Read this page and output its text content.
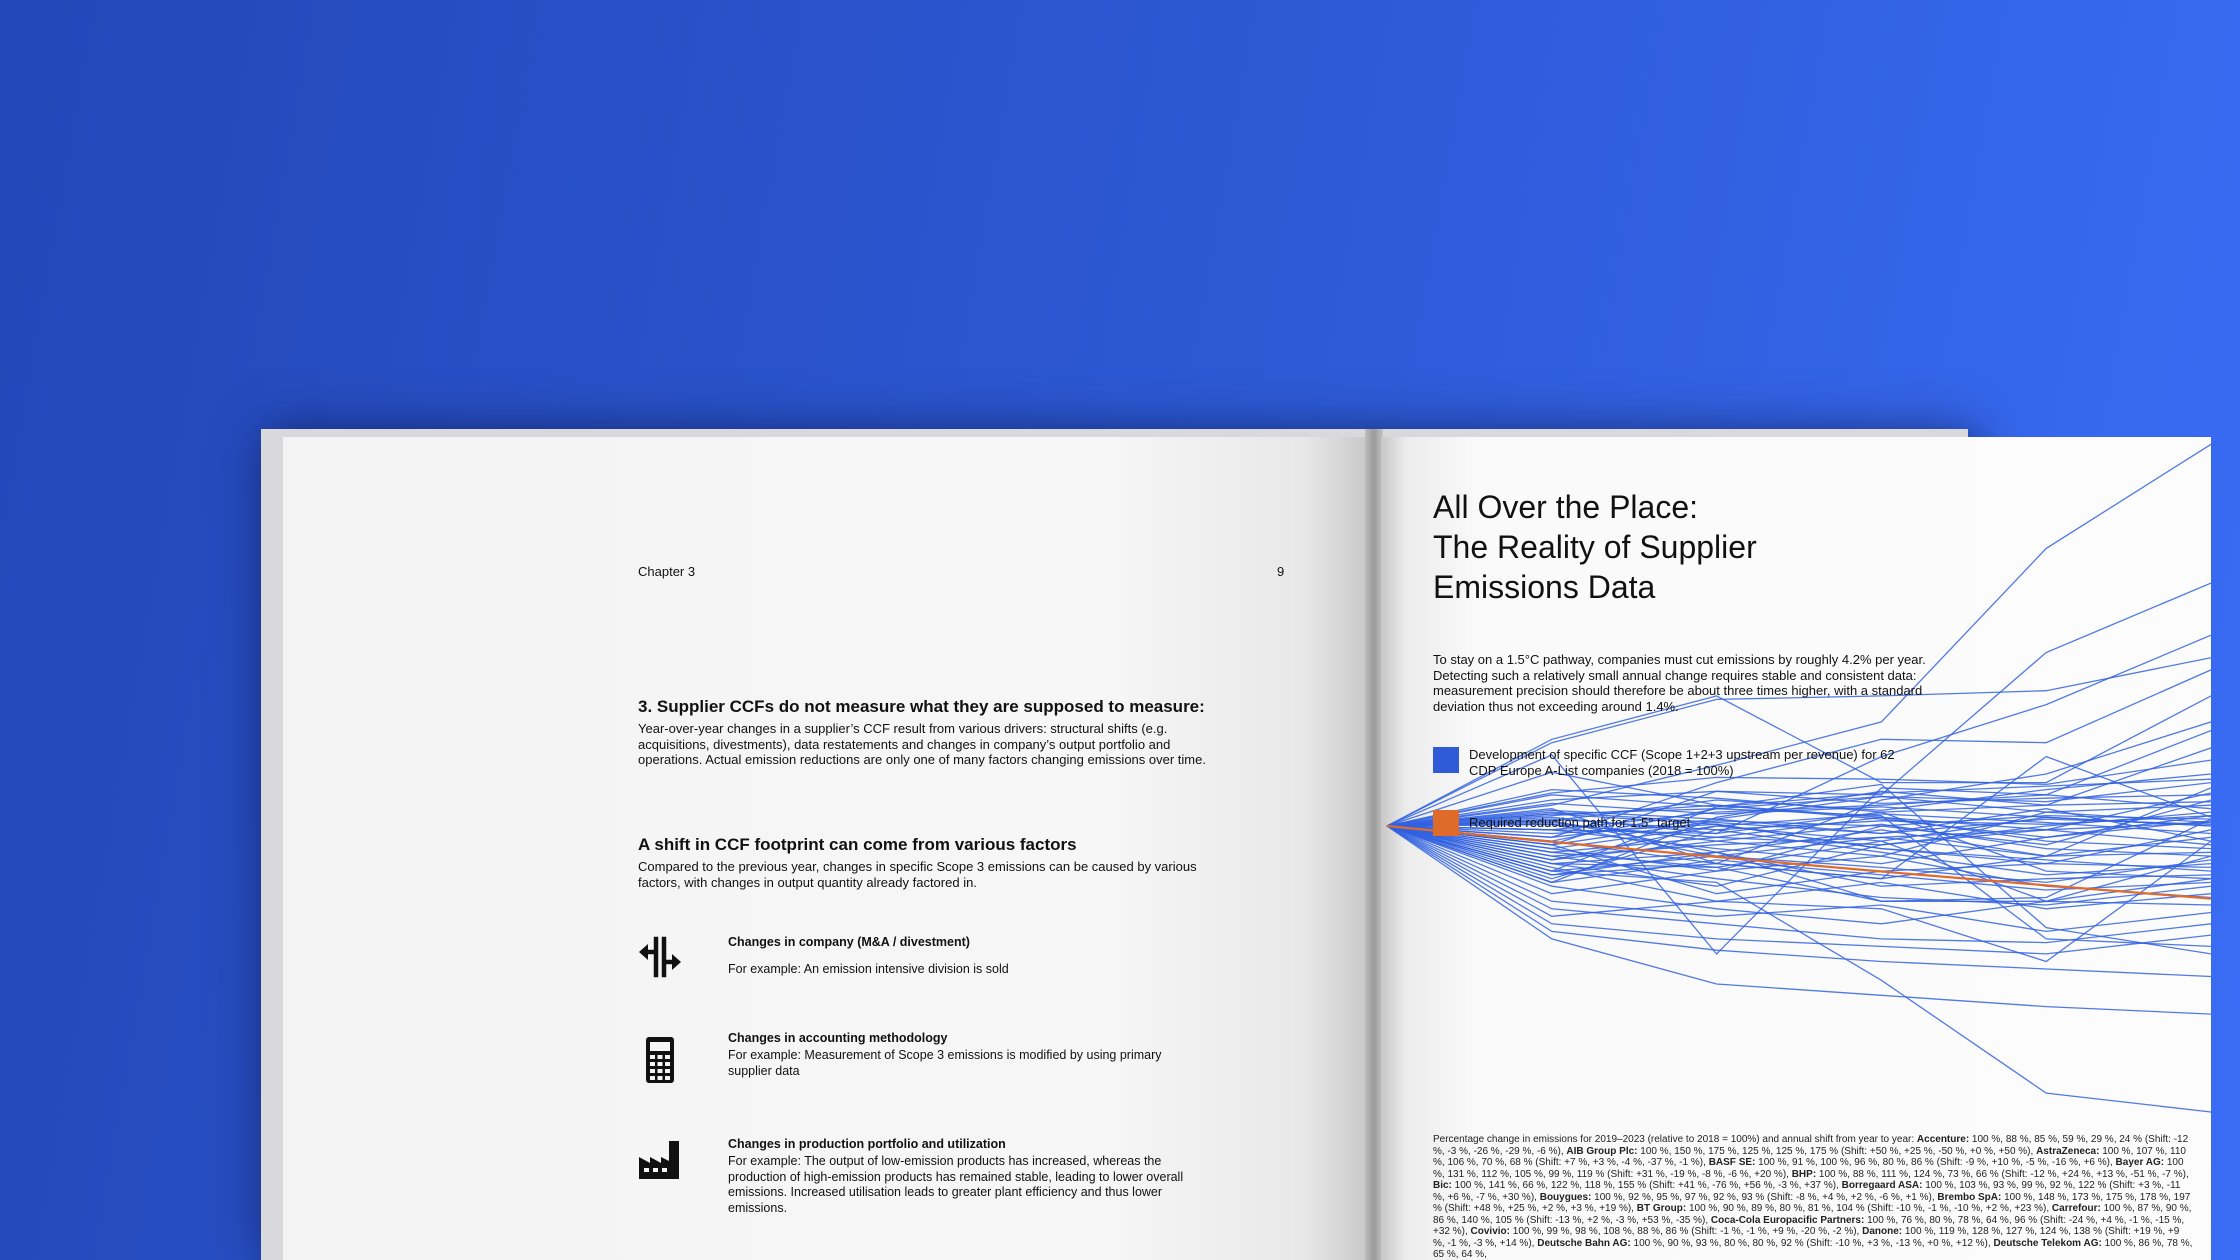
Chapter 3	9
3. Supplier CCFs do not measure what they are supposed to measure:
Year-over-year changes in a supplier’s CCF result from various drivers: structural shifts (e.g. acquisitions, divestments), data restatements and changes in company’s output portfolio and operations. Actual emission reductions are only one of many factors changing emissions over time.
A shift in CCF footprint can come from various factors
Compared to the previous year, changes in specific Scope 3 emissions can be caused by various factors, with changes in output quantity already factored in.
Changes in company (M&A / divestment)
For example: An emission intensive division is sold
Changes in accounting methodology
For example: Measurement of Scope 3 emissions is modified by using primary supplier data
Changes in production portfolio and utilization
For example: The output of low-emission products has increased, whereas the production of high-emission products has remained stable, leading to lower overall emissions. Increased utilisation leads to greater plant efficiency and thus lower emissions.
All Over the Place:
The Reality of Supplier
Emissions Data
To stay on a 1.5°C pathway, companies must cut emissions by roughly 4.2% per year. Detecting such a relatively small annual change requires stable and consistent data: measurement precision should therefore be about three times higher, with a standard deviation thus not exceeding around 1.4%.
Development of specific CCF (Scope 1+2+3 upstream per revenue) for 62 CDP Europe A-List companies (2018 = 100%)
Required reduction path for 1.5° target
Percentage change in emissions for 2019–2023 (relative to 2018 = 100%) and annual shift from year to year: Accenture: 100 %, 88 %, 85 %, 59 %, 29 %, 24 % (Shift: -12 %, -3 %, -26 %, -29 %, -6 %), AIB Group Plc: 100 %, 150 %, 175 %, 125 %, 125 %, 175 % (Shift: +50 %, +25 %, -50 %, +0 %, +50 %), AstraZeneca: 100 %, 107 %, 110 %, 106 %, 70 %, 68 % (Shift: +7 %, +3 %, -4 %, -37 %, -1 %), BASF SE: 100 %, 91 %, 100 %, 96 %, 80 %, 86 % (Shift: -9 %, +10 %, -5 %, -16 %, +6 %), Bayer AG: 100 %, 131 %, 112 %, 105 %, 99 %, 119 % (Shift: +31 %, -19 %, -8 %, -6 %, +20 %), BHP: 100 %, 88 %, 111 %, 124 %, 73 %, 66 % (Shift: -12 %, +24 %, +13 %, -51 %, -7 %), Bic: 100 %, 141 %, 66 %, 122 %, 118 %, 155 % (Shift: +41 %, -76 %, +56 %, -3 %, +37 %), Borregaard ASA: 100 %, 103 %, 93 %, 99 %, 92 %, 122 % (Shift: +3 %, -11 %, +6 %, -7 %, +30 %), Bouygues: 100 %, 92 %, 95 %, 97 %, 92 %, 93 % (Shift: -8 %, +4 %, +2 %, -6 %, +1 %), Brembo SpA: 100 %, 148 %, 173 %, 175 %, 178 %, 197 % (Shift: +48 %, +25 %, +2 %, +3 %, +19 %), BT Group: 100 %, 90 %, 89 %, 80 %, 81 %, 104 % (Shift: -10 %, -1 %, -10 %, +2 %, +23 %), Carrefour: 100 %, 87 %, 90 %, 86 %, 140 %, 105 % (Shift: -13 %, +2 %, -3 %, +53 %, -35 %), Coca-Cola Europacific Partners: 100 %, 76 %, 80 %, 78 %, 64 %, 96 % (Shift: -24 %, +4 %, -1 %, -15 %, +32 %), Covivio: 100 %, 99 %, 98 %, 108 %, 88 %, 86 % (Shift: -1 %, -1 %, +9 %, -20 %, -2 %), Danone: 100 %, 119 %, 128 %, 127 %, 124 %, 138 % (Shift: +19 %, +9 %, -1 %, -3 %, +14 %), Deutsche Bahn AG: 100 %, 90 %, 93 %, 80 %, 80 %, 92 % (Shift: -10 %, +3 %, -13 %, +0 %, +12 %), Deutsche Telekom AG: 100 %, 86 %, 78 %, 65 %, 64 %,
